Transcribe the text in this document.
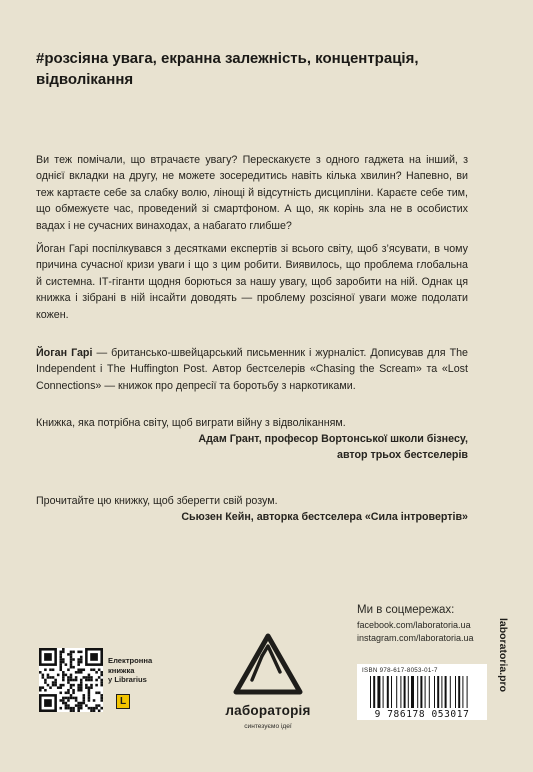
#розсіяна увага, екранна залежність, концентрація, відволікання
Ви теж помічали, що втрачаєте увагу? Перескакуєте з одного гаджета на інший, з однієї вкладки на другу, не можете зосередитись навіть кілька хвилин? Напевно, ви теж картаєте себе за слабку волю, лінощі й відсутність дисципліни. Караєте себе тим, що обмежуєте час, проведений зі смартфоном. А що, як корінь зла не в особистих вадах і не сучасних винаходах, а набагато глибше?
Йоган Гарі поспілкувався з десятками експертів зі всього світу, щоб з’ясувати, в чому причина сучасної кризи уваги і що з цим робити. Виявилось, що проблема глобальна й системна. ІТ-гіганти щодня борються за нашу увагу, щоб заробити на ній. Однак ця книжка і зібрані в ній інсайти доводять — проблему розсіяної уваги може подолати кожен.
Йоган Гарі — британсько-швейцарський письменник і журналіст. Дописував для The Independent і The Huffington Post. Автор бестселерів «Chasing the Scream» та «Lost Connections» — книжок про депресії та боротьбу з наркотиками.
Книжка, яка потрібна світу, щоб виграти війну з відволіканням.
Адам Грант, професор Вортонської школи бізнесу,
автор трьох бестселерів
Прочитайте цю книжку, щоб зберегти свій розум.
Сьюзен Кейн, авторка бестселера «Сила інтровертів»
Ми в соцмережах:
facebook.com/laboratoria.ua
instagram.com/laboratoria.ua	laboratoria.pro
Електронна
книжка
у Librarius
L
лабораторія
синтезуємо ідеї
ISBN 978-617-8053-01-7
9 786178 053017
